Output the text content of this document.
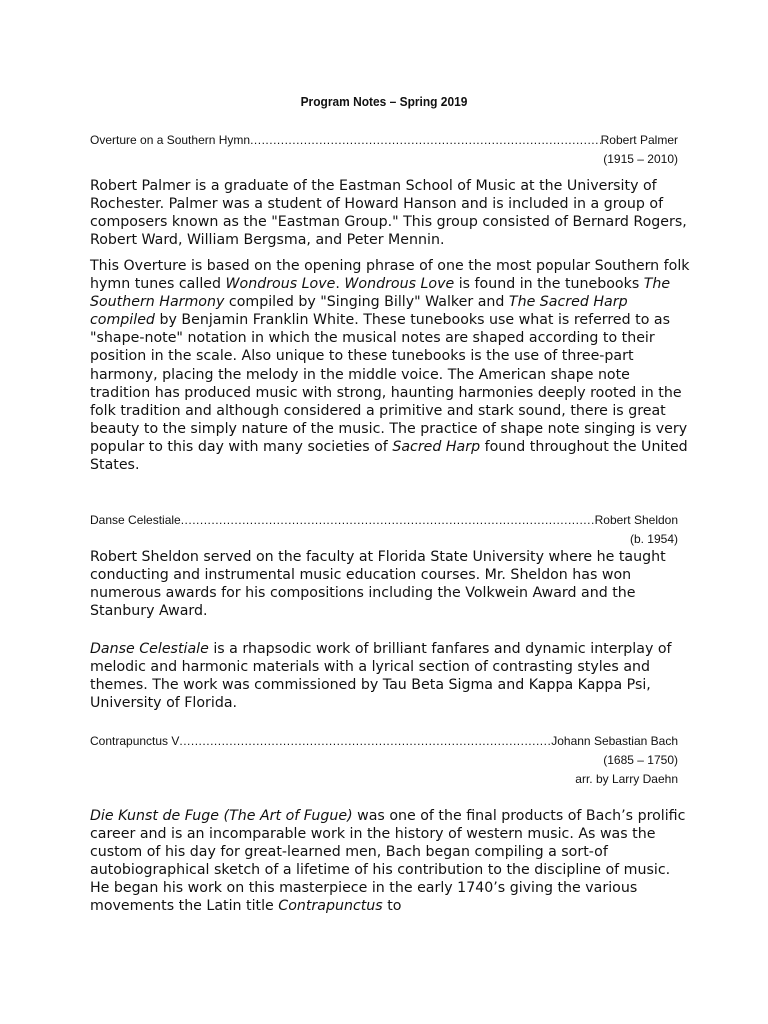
Program Notes – Spring 2019
Overture on a Southern Hymn .....	Robert Palmer
(1915 – 2010)

Robert Palmer is a graduate of the Eastman School of Music at the University of Rochester. Palmer was a student of Howard Hanson and is included in a group of composers known as the "Eastman Group." This group consisted of Bernard Rogers, Robert Ward, William Bergsma, and Peter Mennin.

This Overture is based on the opening phrase of one the most popular Southern folk hymn tunes called Wondrous Love. Wondrous Love is found in the tunebooks The Southern Harmony compiled by "Singing Billy" Walker and The Sacred Harp compiled by Benjamin Franklin White. These tunebooks use what is referred to as "shape-note" notation in which the musical notes are shaped according to their position in the scale. Also unique to these tunebooks is the use of three-part harmony, placing the melody in the middle voice. The American shape note tradition has produced music with strong, haunting harmonies deeply rooted in the folk tradition and although considered a primitive and stark sound, there is great beauty to the simply nature of the music. The practice of shape note singing is very popular to this day with many societies of Sacred Harp found throughout the United States.

Danse Celestiale .....	Robert Sheldon
(b. 1954)

Robert Sheldon served on the faculty at Florida State University where he taught conducting and instrumental music education courses. Mr. Sheldon has won numerous awards for his compositions including the Volkwein Award and the Stanbury Award.

Danse Celestiale is a rhapsodic work of brilliant fanfares and dynamic interplay of melodic and harmonic materials with a lyrical section of contrasting styles and themes. The work was commissioned by Tau Beta Sigma and Kappa Kappa Psi, University of Florida.

Contrapunctus V .....	Johann Sebastian Bach
(1685 – 1750)
arr. by Larry Daehn

Die Kunst de Fuge (The Art of Fugue) was one of the final products of Bach’s prolific career and is an incomparable work in the history of western music. As was the custom of his day for great-learned men, Bach began compiling a sort-of autobiographical sketch of a lifetime of his contribution to the discipline of music. He began his work on this masterpiece in the early 1740’s giving the various movements the Latin title Contrapunctus to
